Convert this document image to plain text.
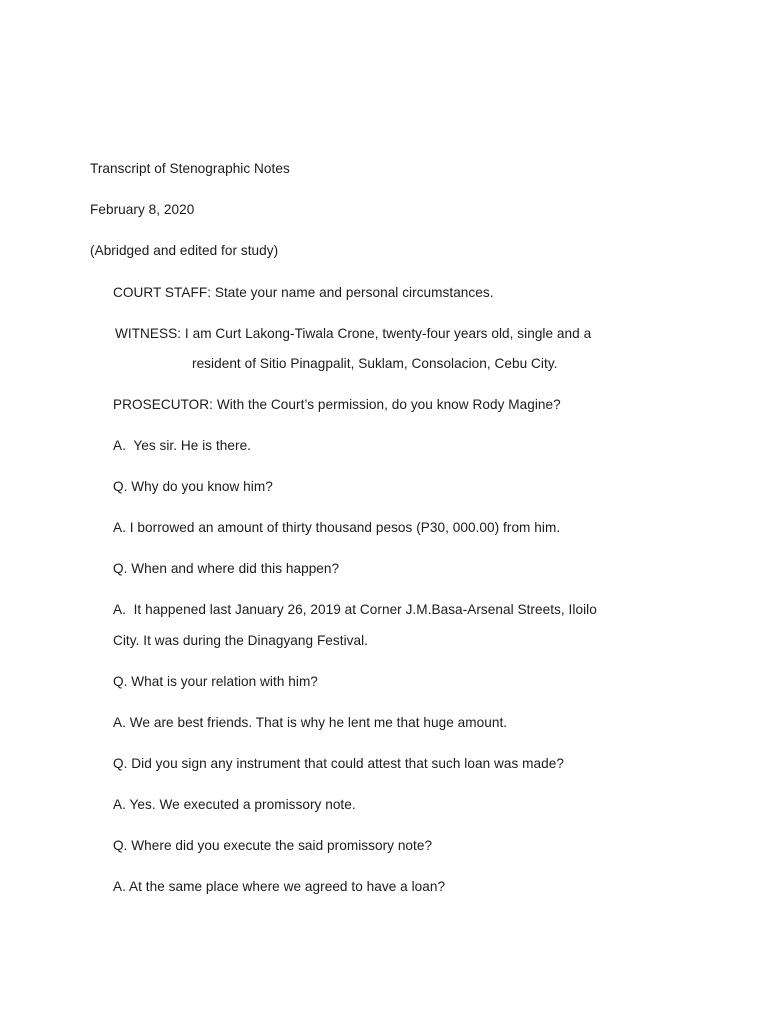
Transcript of Stenographic Notes
February 8, 2020
(Abridged and edited for study)
COURT STAFF: State your name and personal circumstances.
WITNESS: I am Curt Lakong-Tiwala Crone, twenty-four years old, single and a
resident of Sitio Pinagpalit, Suklam, Consolacion, Cebu City.
PROSECUTOR: With the Court’s permission, do you know Rody Magine?
A.  Yes sir. He is there.
Q. Why do you know him?
A. I borrowed an amount of thirty thousand pesos (P30, 000.00) from him.
Q. When and where did this happen?
A.  It happened last January 26, 2019 at Corner J.M.Basa-Arsenal Streets, Iloilo
City. It was during the Dinagyang Festival.
Q. What is your relation with him?
A. We are best friends. That is why he lent me that huge amount.
Q. Did you sign any instrument that could attest that such loan was made?
A. Yes. We executed a promissory note.
Q. Where did you execute the said promissory note?
A. At the same place where we agreed to have a loan?
